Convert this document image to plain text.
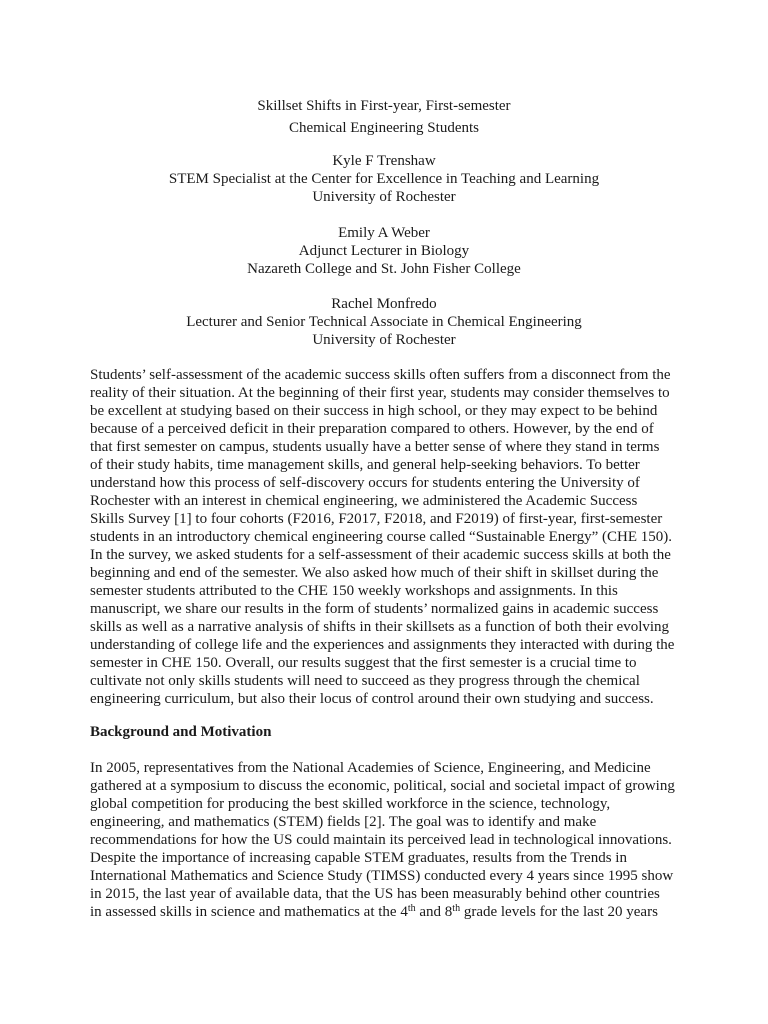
Skillset Shifts in First-year, First-semester
Chemical Engineering Students
Kyle F Trenshaw
STEM Specialist at the Center for Excellence in Teaching and Learning
University of Rochester
Emily A Weber
Adjunct Lecturer in Biology
Nazareth College and St. John Fisher College
Rachel Monfredo
Lecturer and Senior Technical Associate in Chemical Engineering
University of Rochester
Students’ self-assessment of the academic success skills often suffers from a disconnect from the
reality of their situation. At the beginning of their first year, students may consider themselves to
be excellent at studying based on their success in high school, or they may expect to be behind
because of a perceived deficit in their preparation compared to others. However, by the end of
that first semester on campus, students usually have a better sense of where they stand in terms
of their study habits, time management skills, and general help-seeking behaviors. To better
understand how this process of self-discovery occurs for students entering the University of
Rochester with an interest in chemical engineering, we administered the Academic Success
Skills Survey [1] to four cohorts (F2016, F2017, F2018, and F2019) of first-year, first-semester
students in an introductory chemical engineering course called “Sustainable Energy” (CHE 150).
In the survey, we asked students for a self-assessment of their academic success skills at both the
beginning and end of the semester. We also asked how much of their shift in skillset during the
semester students attributed to the CHE 150 weekly workshops and assignments. In this
manuscript, we share our results in the form of students’ normalized gains in academic success
skills as well as a narrative analysis of shifts in their skillsets as a function of both their evolving
understanding of college life and the experiences and assignments they interacted with during the
semester in CHE 150. Overall, our results suggest that the first semester is a crucial time to
cultivate not only skills students will need to succeed as they progress through the chemical
engineering curriculum, but also their locus of control around their own studying and success.
Background and Motivation
In 2005, representatives from the National Academies of Science, Engineering, and Medicine
gathered at a symposium to discuss the economic, political, social and societal impact of growing
global competition for producing the best skilled workforce in the science, technology,
engineering, and mathematics (STEM) fields [2]. The goal was to identify and make
recommendations for how the US could maintain its perceived lead in technological innovations.
Despite the importance of increasing capable STEM graduates, results from the Trends in
International Mathematics and Science Study (TIMSS) conducted every 4 years since 1995 show
in 2015, the last year of available data, that the US has been measurably behind other countries
in assessed skills in science and mathematics at the 4th and 8th grade levels for the last 20 years
